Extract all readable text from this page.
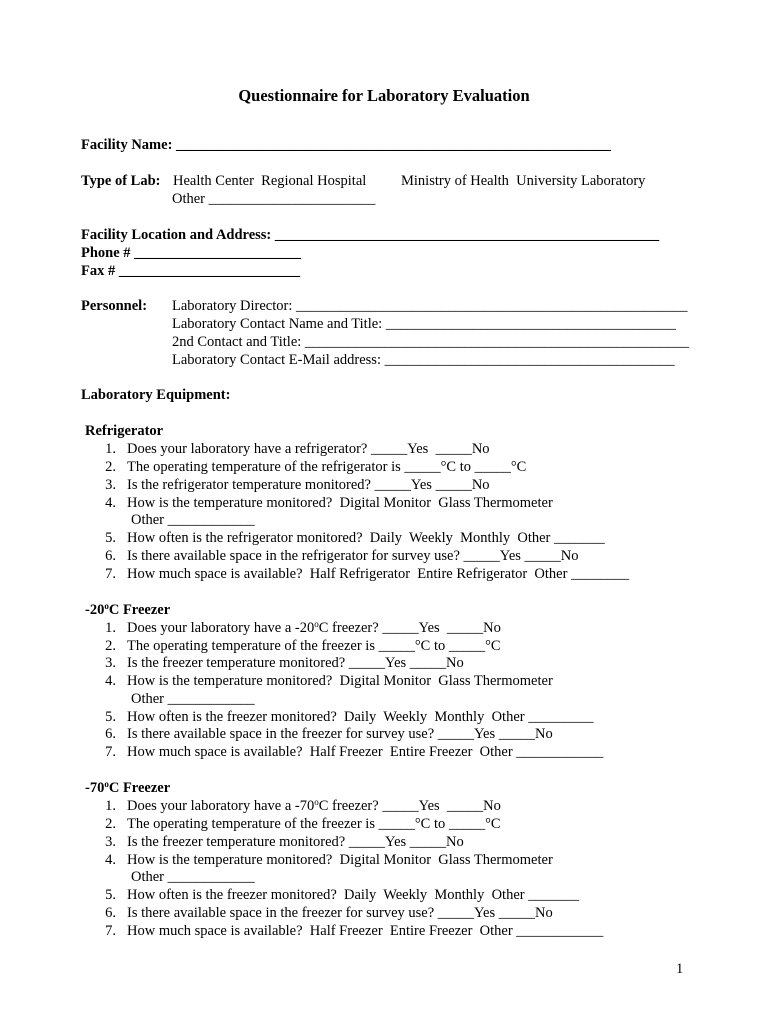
Questionnaire for Laboratory Evaluation
Facility Name: ____________________________________________________________
Type of Lab: Health Center  Regional Hospital Ministry of Health  University Laboratory
Other _______________________
Facility Location and Address: _____________________________________________________
Phone # _______________________
Fax # _________________________
Personnel: Laboratory Director: ______________________________________________________
Laboratory Contact Name and Title: ________________________________________
2nd Contact and Title: _____________________________________________________
Laboratory Contact E-Mail address: ________________________________________
Laboratory Equipment:
Refrigerator
1. Does your laboratory have a refrigerator? _____Yes  _____No
2. The operating temperature of the refrigerator is _____°C to _____°C
3. Is the refrigerator temperature monitored? _____Yes _____No
4. How is the temperature monitored?  Digital Monitor  Glass Thermometer
Other ____________
5. How often is the refrigerator monitored?  Daily  Weekly  Monthly  Other _______
6. Is there available space in the refrigerator for survey use? _____Yes _____No
7. How much space is available?  Half Refrigerator  Entire Refrigerator  Other ________
-20$^o$C Freezer
1. Does your laboratory have a -20$^o$C freezer? _____Yes  _____No
2. The operating temperature of the freezer is _____°C to _____°C
3. Is the freezer temperature monitored? _____Yes _____No
4. How is the temperature monitored?  Digital Monitor  Glass Thermometer
Other ____________
5. How often is the freezer monitored?  Daily  Weekly  Monthly  Other _________
6. Is there available space in the freezer for survey use? _____Yes _____No
7. How much space is available?  Half Freezer  Entire Freezer  Other ____________
-70$^o$C Freezer
1. Does your laboratory have a -70$^o$C freezer? _____Yes  _____No
2. The operating temperature of the freezer is _____°C to _____°C
3. Is the freezer temperature monitored? _____Yes _____No
4. How is the temperature monitored?  Digital Monitor  Glass Thermometer
Other ____________
5. How often is the freezer monitored?  Daily  Weekly  Monthly  Other _______
6. Is there available space in the freezer for survey use? _____Yes _____No
7. How much space is available?  Half Freezer  Entire Freezer  Other ____________
1
